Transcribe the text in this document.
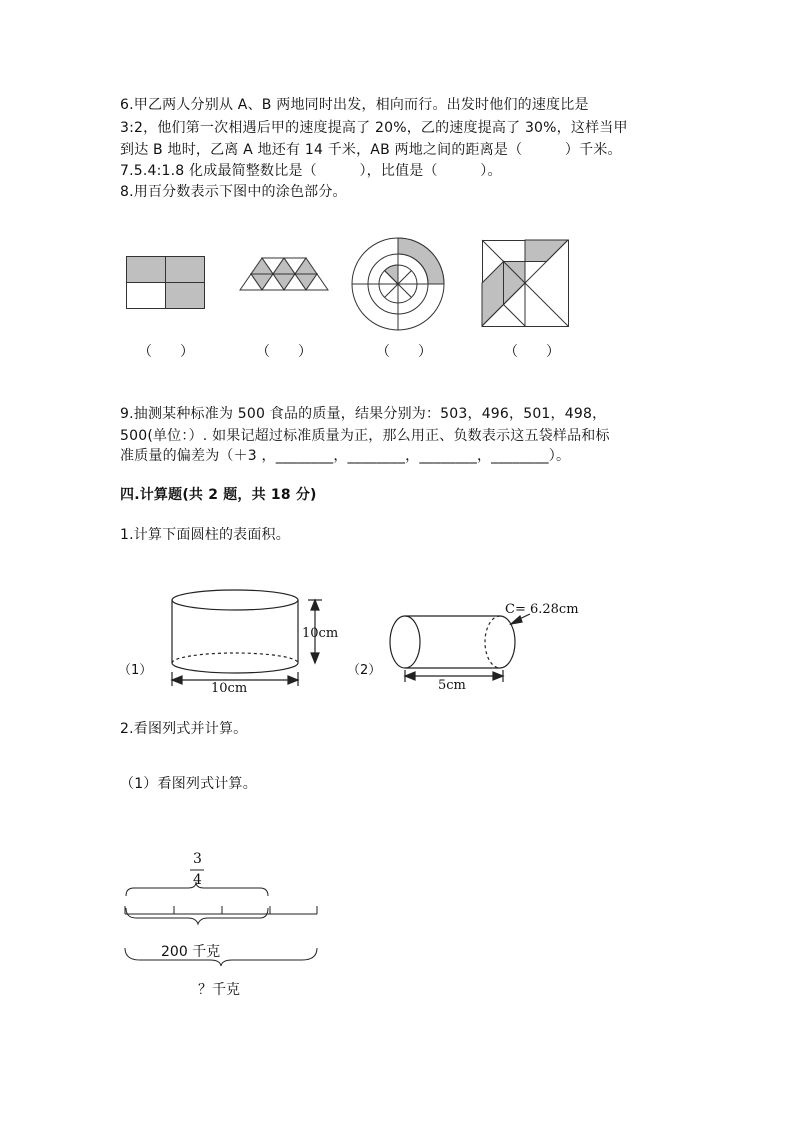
6.甲乙两人分别从 A、B 两地同时出发，相向而行。出发时他们的速度比是
3:2，他们第一次相遇后甲的速度提高了 20%，乙的速度提高了 30%，这样当甲
到达 B 地时，乙离 A 地还有 14 千米，AB 两地之间的距离是（　　　）千米。
7.5.4:1.8 化成最简整数比是（　　　），比值是（　　　）。
8.用百分数表示下图中的涂色部分。
（　　）	（　　）	（　　）	（　　）
9.抽测某种标准为 500 食品的质量，结果分别为：503，496，501，498，
500(单位：）. 如果记超过标准质量为正，那么用正、负数表示这五袋样品和标
准质量的偏差为（＋3 ，________，________，________，________）。
四.计算题(共 2 题，共 18 分)
1.计算下面圆柱的表面积。
（1）
10cm
10cm
（2）
C= 6.28cm
5cm
2.看图列式并计算。
（1）看图列式计算。
3
4
200 千克
？千克
